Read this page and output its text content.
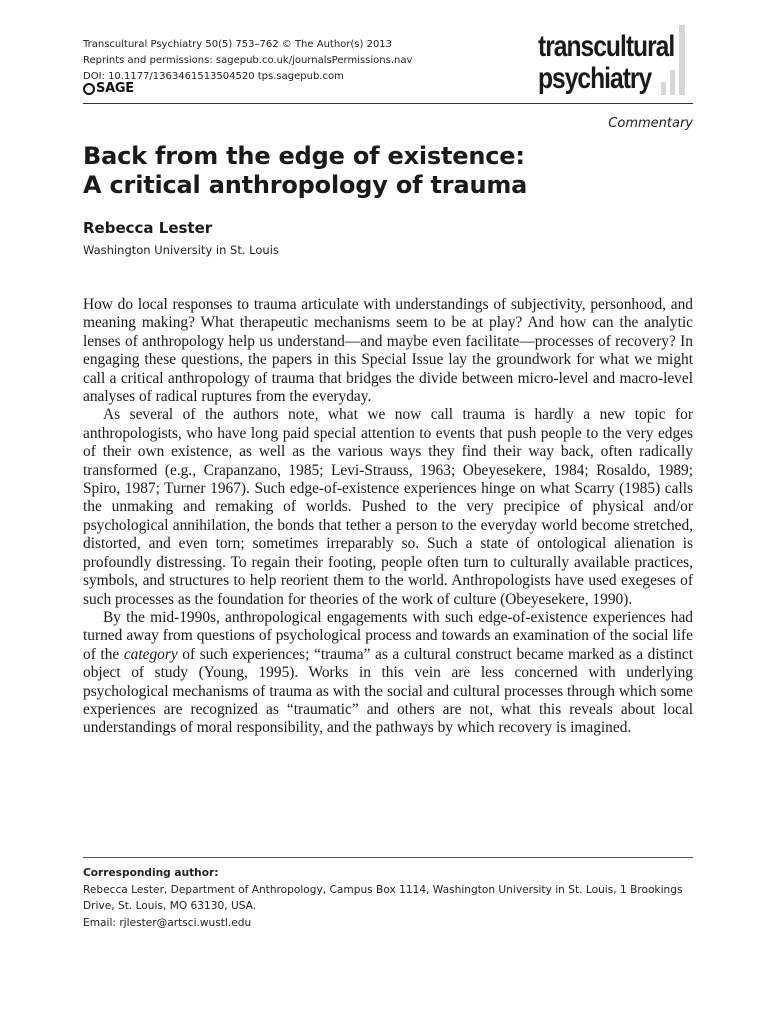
Transcultural Psychiatry 50(5) 753–762 © The Author(s) 2013
Reprints and permissions: sagepub.co.uk/journalsPermissions.nav
DOI: 10.1177/1363461513504520 tps.sagepub.com
SAGE
transcultural
psychiatry
Commentary
Back from the edge of existence:
A critical anthropology of trauma
Rebecca Lester
Washington University in St. Louis

How do local responses to trauma articulate with understandings of subjectivity, personhood, and meaning making? What therapeutic mechanisms seem to be at play? And how can the analytic lenses of anthropology help us understand—and maybe even facilitate—processes of recovery? In engaging these questions, the papers in this Special Issue lay the groundwork for what we might call a critical anthropology of trauma that bridges the divide between micro-level and macro-level analyses of radical ruptures from the everyday.

As several of the authors note, what we now call trauma is hardly a new topic for anthropologists, who have long paid special attention to events that push people to the very edges of their own existence, as well as the various ways they find their way back, often radically transformed (e.g., Crapanzano, 1985; Levi-Strauss, 1963; Obeyesekere, 1984; Rosaldo, 1989; Spiro, 1987; Turner 1967). Such edge-of-existence experiences hinge on what Scarry (1985) calls the unmaking and remaking of worlds. Pushed to the very precipice of physical and/or psychological annihilation, the bonds that tether a person to the everyday world become stretched, distorted, and even torn; sometimes irreparably so. Such a state of ontological alienation is profoundly distressing. To regain their footing, people often turn to culturally available practices, symbols, and structures to help reorient them to the world. Anthropologists have used exegeses of such processes as the foundation for theories of the work of culture (Obeyesekere, 1990).

By the mid-1990s, anthropological engagements with such edge-of-existence experiences had turned away from questions of psychological process and towards an examination of the social life of the category of such experiences; “trauma” as a cultural construct became marked as a distinct object of study (Young, 1995). Works in this vein are less concerned with underlying psychological mechanisms of trauma as with the social and cultural processes through which some experiences are recognized as “traumatic” and others are not, what this reveals about local understandings of moral responsibility, and the pathways by which recovery is imagined.

Corresponding author:
Rebecca Lester, Department of Anthropology, Campus Box 1114, Washington University in St. Louis, 1 Brookings Drive, St. Louis, MO 63130, USA.
Email: rjlester@artsci.wustl.edu
